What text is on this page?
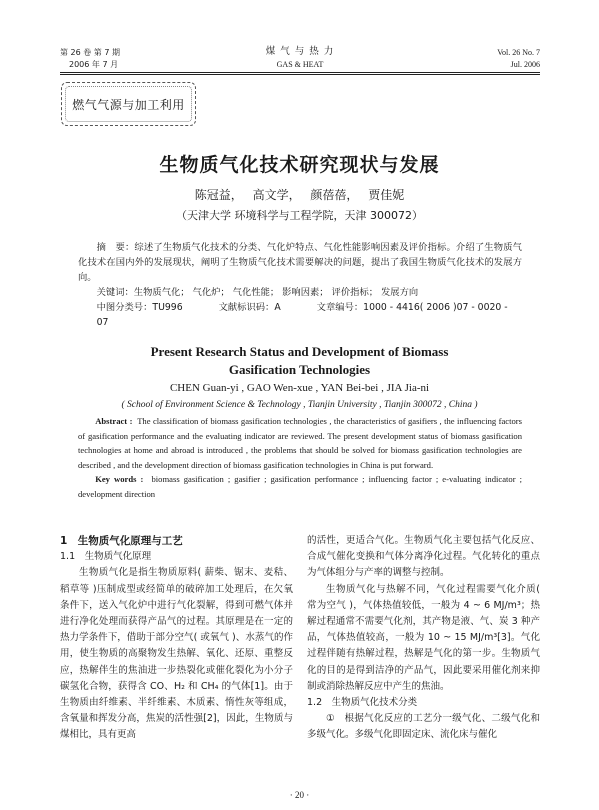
第 26 卷 第 7 期
2006 年 7 月
煤 气 与 热 力
GAS & HEAT
Vol. 26 No. 7
Jul. 2006
燃气气源与加工利用
生物质气化技术研究现状与发展
陈冠益， 高文学， 颜蓓蓓， 贾佳妮
（天津大学 环境科学与工程学院，天津 300072）
摘　要：综述了生物质气化技术的分类、气化炉特点、气化性能影响因素及评价指标。介绍了生物质气化技术在国内外的发展现状，阐明了生物质气化技术需要解决的问题，提出了我国生物质气化技术的发展方向。
关键词：生物质气化； 气化炉； 气化性能； 影响因素； 评价指标； 发展方向
中图分类号：TU996	文献标识码：A	文章编号：1000 - 4416( 2006 )07 - 0020 - 07
Present Research Status and Development of Biomass
Gasification Technologies
CHEN Guan-yi , GAO Wen-xue , YAN Bei-bei , JIA Jia-ni
( School of Environment Science & Technology , Tianjin University , Tianjin 300072 , China )
Abstract : The classification of biomass gasification technologies , the characteristics of gasifiers , the influencing factors of gasification performance and the evaluating indicator are reviewed. The present development status of biomass gasification technologies at home and abroad is introduced , the problems that should be solved for biomass gasification technologies are described , and the development direction of biomass gasification technologies in China is put forward.
Key words : biomass gasification ; gasifier ; gasification performance ; influencing factor ; e-valuating indicator ; development direction

1　生物质气化原理与工艺

1.1　生物质气化原理

生物质气化是指生物质原料( 薪柴、锯末、麦秸、稻草等 )压制成型或经简单的破碎加工处理后，在欠氧条件下，送入气化炉中进行气化裂解，得到可燃气体并进行净化处理而获得产品气的过程。其原理是在一定的热力学条件下，借助于部分空气( 或氧气 )、水蒸气的作用，使生物质的高聚物发生热解、氧化、还原、重整反应，热解伴生的焦油进一步热裂化或催化裂化为小分子碳氢化合物，获得含 CO、H₂ 和 CH₄ 的气体[1]。由于生物质由纤维素、半纤维素、木质素、惰性灰等组成，含氧量和挥发分高，焦炭的活性强[2]，因此，生物质与煤相比，具有更高

的活性，更适合气化。生物质气化主要包括气化反应、合成气催化变换和气体分离净化过程。气化转化的重点为气体组分与产率的调整与控制。

生物质气化与热解不同，气化过程需要气化介质( 常为空气 )，气体热值较低，一般为 4 ~ 6 MJ/m³；热解过程通常不需要气化剂，其产物是液、气、炭 3 种产品，气体热值较高，一般为 10 ~ 15 MJ/m³[3]。气化过程伴随有热解过程，热解是气化的第一步。生物质气化的目的是得到洁净的产品气，因此要采用催化剂来抑制或消除热解反应中产生的焦油。

1.2　生物质气化技术分类

①　根据气化反应的工艺分一级气化、二级气化和多级气化。多级气化即固定床、流化床与催化

· 20 ·
